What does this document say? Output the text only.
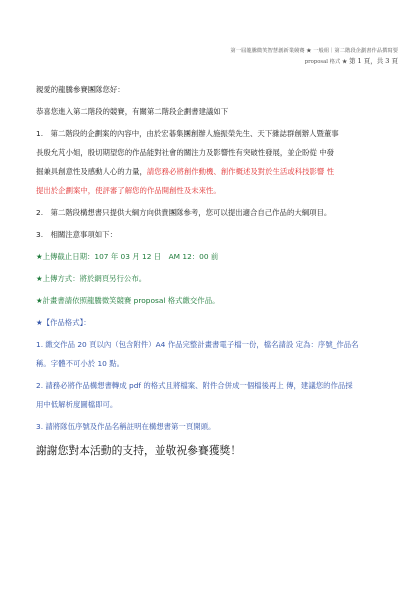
第一屆龍騰微笑智慧創新業競賽 ★ 一般組｜第二階段企劃書作品撰寫要
proposal 格式 ★ 第 1 頁，共 3 頁
親愛的龍騰參賽團隊您好：
恭喜您進入第二階段的競賽，有關第二階段企劃書建議如下
1.　第二階段的企劃案的內容中，由於宏碁集團創辦人施振榮先生、天下雜誌群創辦人暨董事
長殷允芃小姐，殷切期望您的作品能對社會的關注力及影響性有突破性發展，並企盼從 中發
掘兼具創意性及感動人心的力量，請您務必將創作動機、創作概述及對於生活或科技影響 性
提出於企劃案中，使評審了解您的作品開創性及未來性。
2.　第二階段構想書只提供大綱方向供貴團隊參考，您可以提出適合自己作品的大綱項目。
3.　相關注意事項如下：
★上傳截止日期：107 年 03 月 12 日　AM 12：00 前
★上傳方式：將於網頁另行公布。
★計畫書請依照龍騰微笑競賽 proposal 格式繳交作品。
★【作品格式】：
1. 繳交作品 20 頁以內（包含附件）A4 作品完整計畫書電子檔一份，檔名請設 定為：序號_作品名
稱。字體不可小於 10 點。
2. 請務必將作品構想書轉成 pdf 的格式且將檔案、附件合併成一個檔後再上 傳，建議您的作品採
用中低解析度圖檔即可。
3. 請將隊伍序號及作品名稱註明在構想書第一頁開頭。
謝謝您對本活動的支持，並敬祝參賽獲獎！
